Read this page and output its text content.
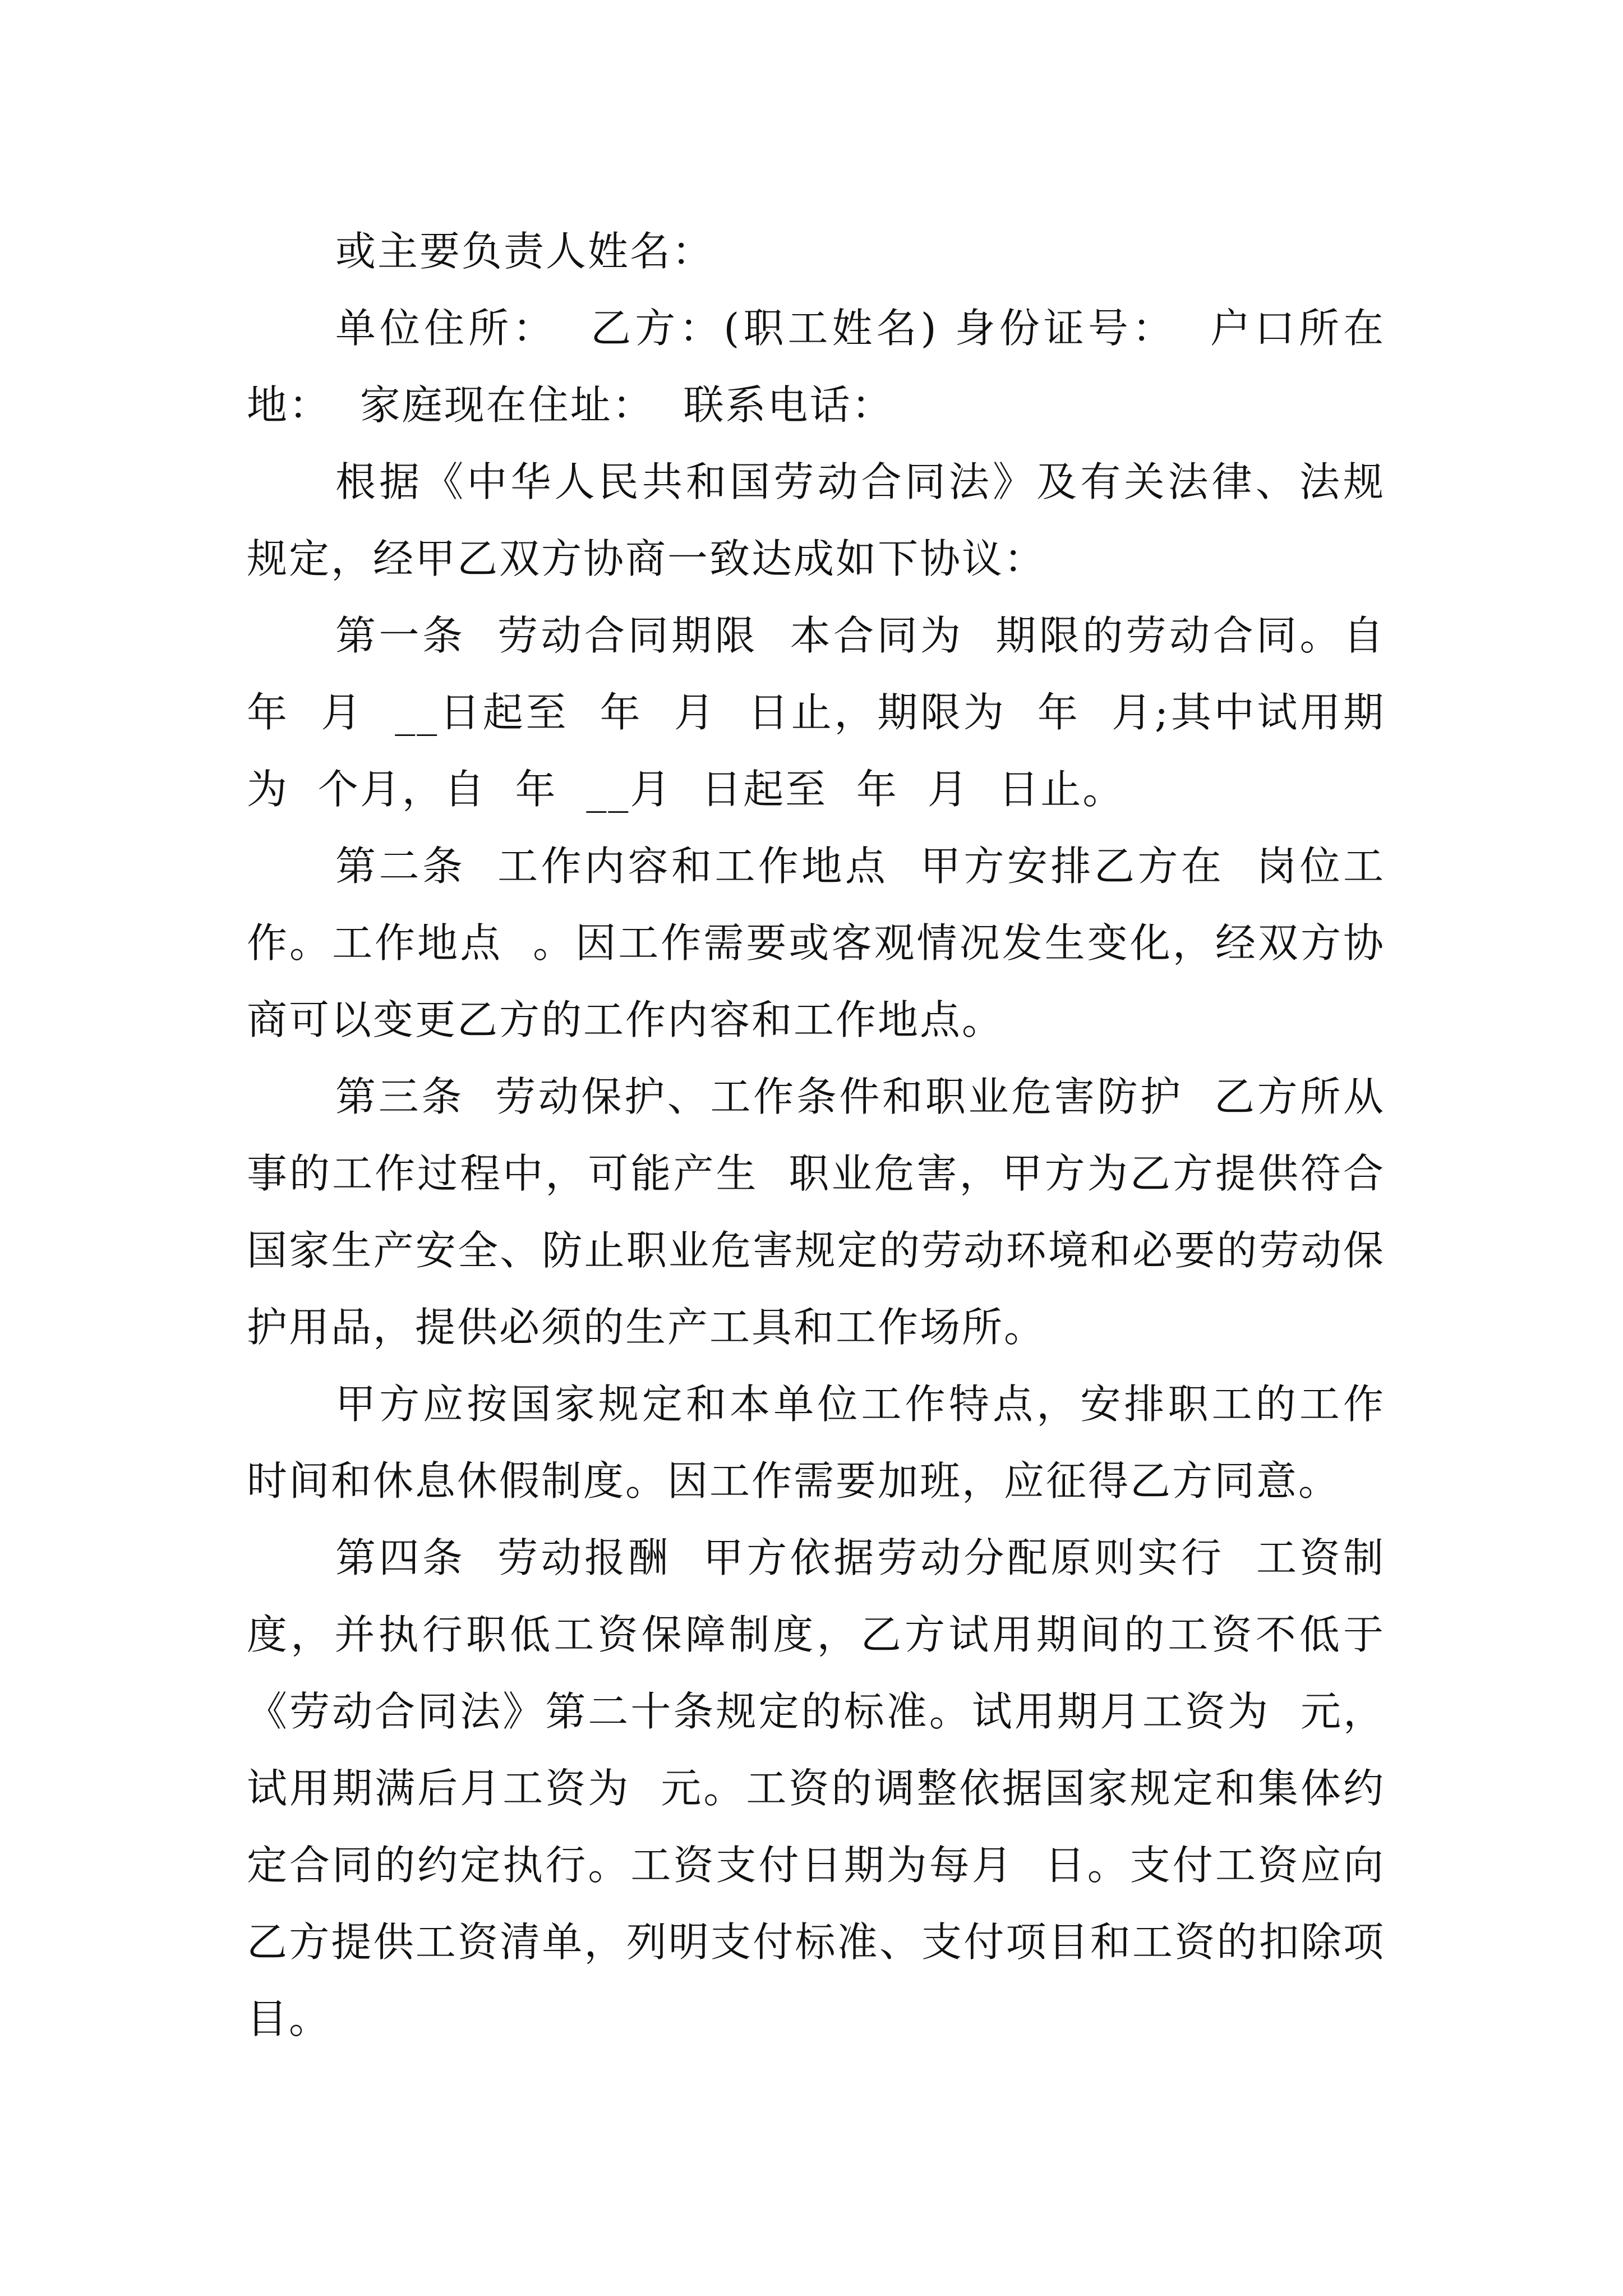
或主要负责人姓名：

单位住所：  乙方：(职工姓名) 身份证号：  户口所在地：  家庭现在住址：  联系电话：

根据《中华人民共和国劳动合同法》及有关法律、法规规定，经甲乙双方协商一致达成如下协议：

第一条  劳动合同期限  本合同为  期限的劳动合同。自  年  月  __日起至  年  月  日止，期限为  年  月;其中试用期为  个月，自  年  __月  日起至  年  月  日止。

第二条  工作内容和工作地点  甲方安排乙方在  岗位工作。工作地点  。因工作需要或客观情况发生变化，经双方协商可以变更乙方的工作内容和工作地点。

第三条  劳动保护、工作条件和职业危害防护  乙方所从事的工作过程中，可能产生  职业危害，甲方为乙方提供符合国家生产安全、防止职业危害规定的劳动环境和必要的劳动保护用品，提供必须的生产工具和工作场所。

甲方应按国家规定和本单位工作特点，安排职工的工作时间和休息休假制度。因工作需要加班，应征得乙方同意。

第四条  劳动报酬  甲方依据劳动分配原则实行  工资制度，并执行职低工资保障制度，乙方试用期间的工资不低于《劳动合同法》第二十条规定的标准。试用期月工资为  元，试用期满后月工资为  元。工资的调整依据国家规定和集体约定合同的约定执行。工资支付日期为每月  日。支付工资应向乙方提供工资清单，列明支付标准、支付项目和工资的扣除项目。
